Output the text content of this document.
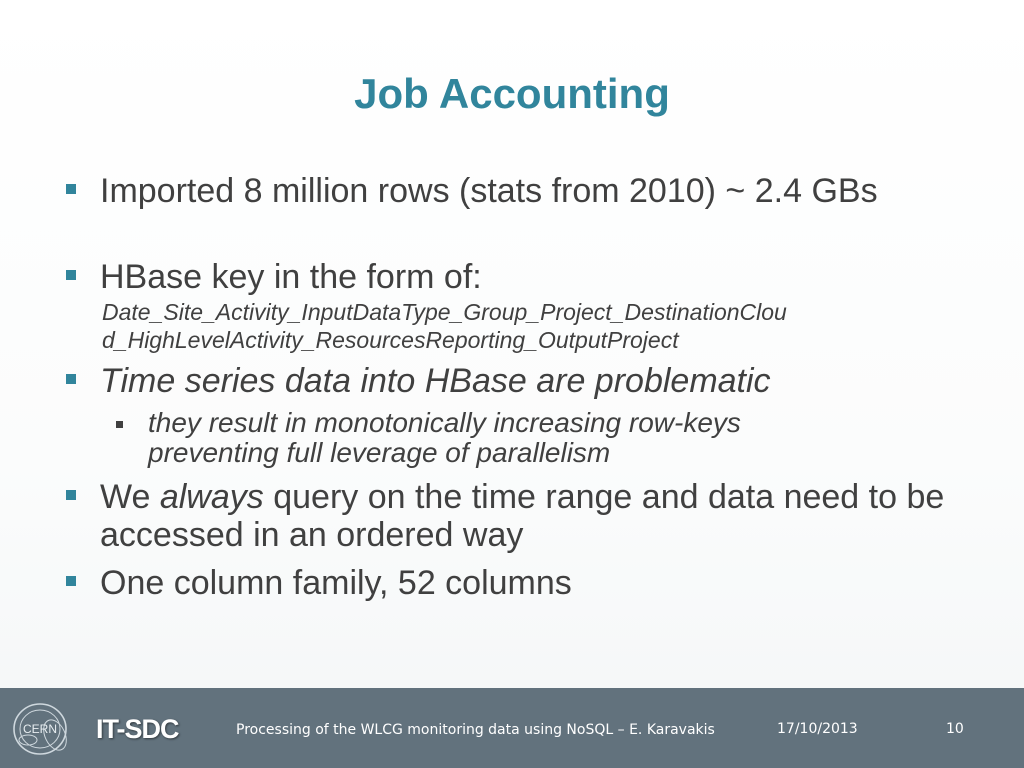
Job Accounting
Imported 8 million rows (stats from 2010) ~ 2.4 GBs
HBase key in the form of:
Date_Site_Activity_InputDataType_Group_Project_DestinationClou
d_HighLevelActivity_ResourcesReporting_OutputProject
Time series data into HBase are problematic
they result in monotonically increasing row-keys preventing full leverage of parallelism
We always query on the time range and data need to be accessed in an ordered way
One column family, 52 columns
CERN IT-SDC	Processing of the WLCG monitoring data using NoSQL – E. Karavakis	17/10/2013	10
